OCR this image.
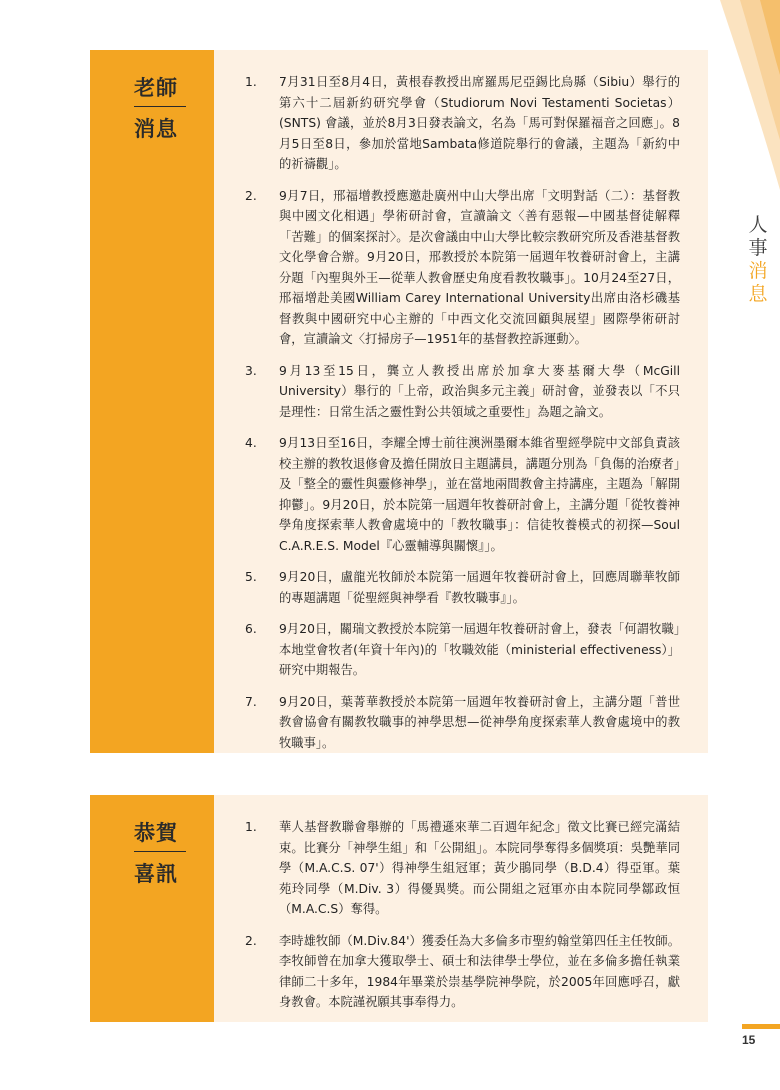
人事
消息
老師
消息
1. 7月31日至8月4日，黃根春教授出席羅馬尼亞錫比烏縣（Sibiu）舉行的第六十二屆新約研究學會（Studiorum Novi Testamenti Societas）(SNTS) 會議，並於8月3日發表論文，名為「馬可對保羅福音之回應」。8月5日至8日，參加於當地Sambata修道院舉行的會議，主題為「新約中的祈禱觀」。
2. 9月7日，邢福增教授應邀赴廣州中山大學出席「文明對話（二）：基督教與中國文化相遇」學術研討會，宣讀論文〈善有惡報—中國基督徒解釋「苦難」的個案探討〉。是次會議由中山大學比較宗教研究所及香港基督教文化學會合辦。9月20日，邢教授於本院第一屆週年牧養研討會上，主講分題「內聖與外王—從華人教會歷史角度看教牧職事」。10月24至27日，邢福增赴美國William Carey International University出席由洛杉磯基督教與中國研究中心主辦的「中西文化交流回顧與展望」國際學術研討會，宣讀論文〈打掃房子—1951年的基督教控訴運動〉。
3. 9月13至15日，龔立人教授出席於加拿大麥基爾大學（McGill University）舉行的「上帝，政治與多元主義」研討會，並發表以「不只是理性：日常生活之靈性對公共領域之重要性」為題之論文。
4. 9月13日至16日，李耀全博士前往澳洲墨爾本維省聖經學院中文部負責該校主辦的教牧退修會及擔任開放日主題講員，講題分別為「負傷的治療者」及「整全的靈性與靈修神學」，並在當地兩間教會主持講座，主題為「解開抑鬱」。9月20日，於本院第一屆週年牧養研討會上，主講分題「從牧養神學角度探索華人教會處境中的「教牧職事」：信徒牧養模式的初探—Soul C.A.R.E.S. Model『心靈輔導與關懷』」。
5. 9月20日，盧龍光牧師於本院第一屆週年牧養研討會上，回應周聯華牧師的專題講題「從聖經與神學看『教牧職事』」。
6. 9月20日，關瑞文教授於本院第一屆週年牧養研討會上，發表「何謂牧職」本地堂會牧者(年資十年內)的「牧職效能（ministerial effectiveness）」研究中期報告。
7. 9月20日，葉菁華教授於本院第一屆週年牧養研討會上，主講分題「普世教會協會有關教牧職事的神學思想—從神學角度探索華人教會處境中的教牧職事」。
恭賀
喜訊
1. 華人基督教聯會舉辦的「馬禮遜來華二百週年紀念」徵文比賽已經完滿結束。比賽分「神學生組」和「公開組」。本院同學奪得多個獎項：吳艷華同學（M.A.C.S. 07'）得神學生組冠軍；黃少鵑同學（B.D.4）得亞軍。葉苑玲同學（M.Div. 3）得優異獎。而公開組之冠軍亦由本院同學鄒政恒（M.A.C.S）奪得。
2. 李時雄牧師（M.Div.84'）獲委任為大多倫多市聖約翰堂第四任主任牧師。李牧師曾在加拿大獲取學士、碩士和法律學士學位，並在多倫多擔任執業律師二十多年，1984年畢業於崇基學院神學院，於2005年回應呼召，獻身教會。本院謹祝願其事奉得力。
15
